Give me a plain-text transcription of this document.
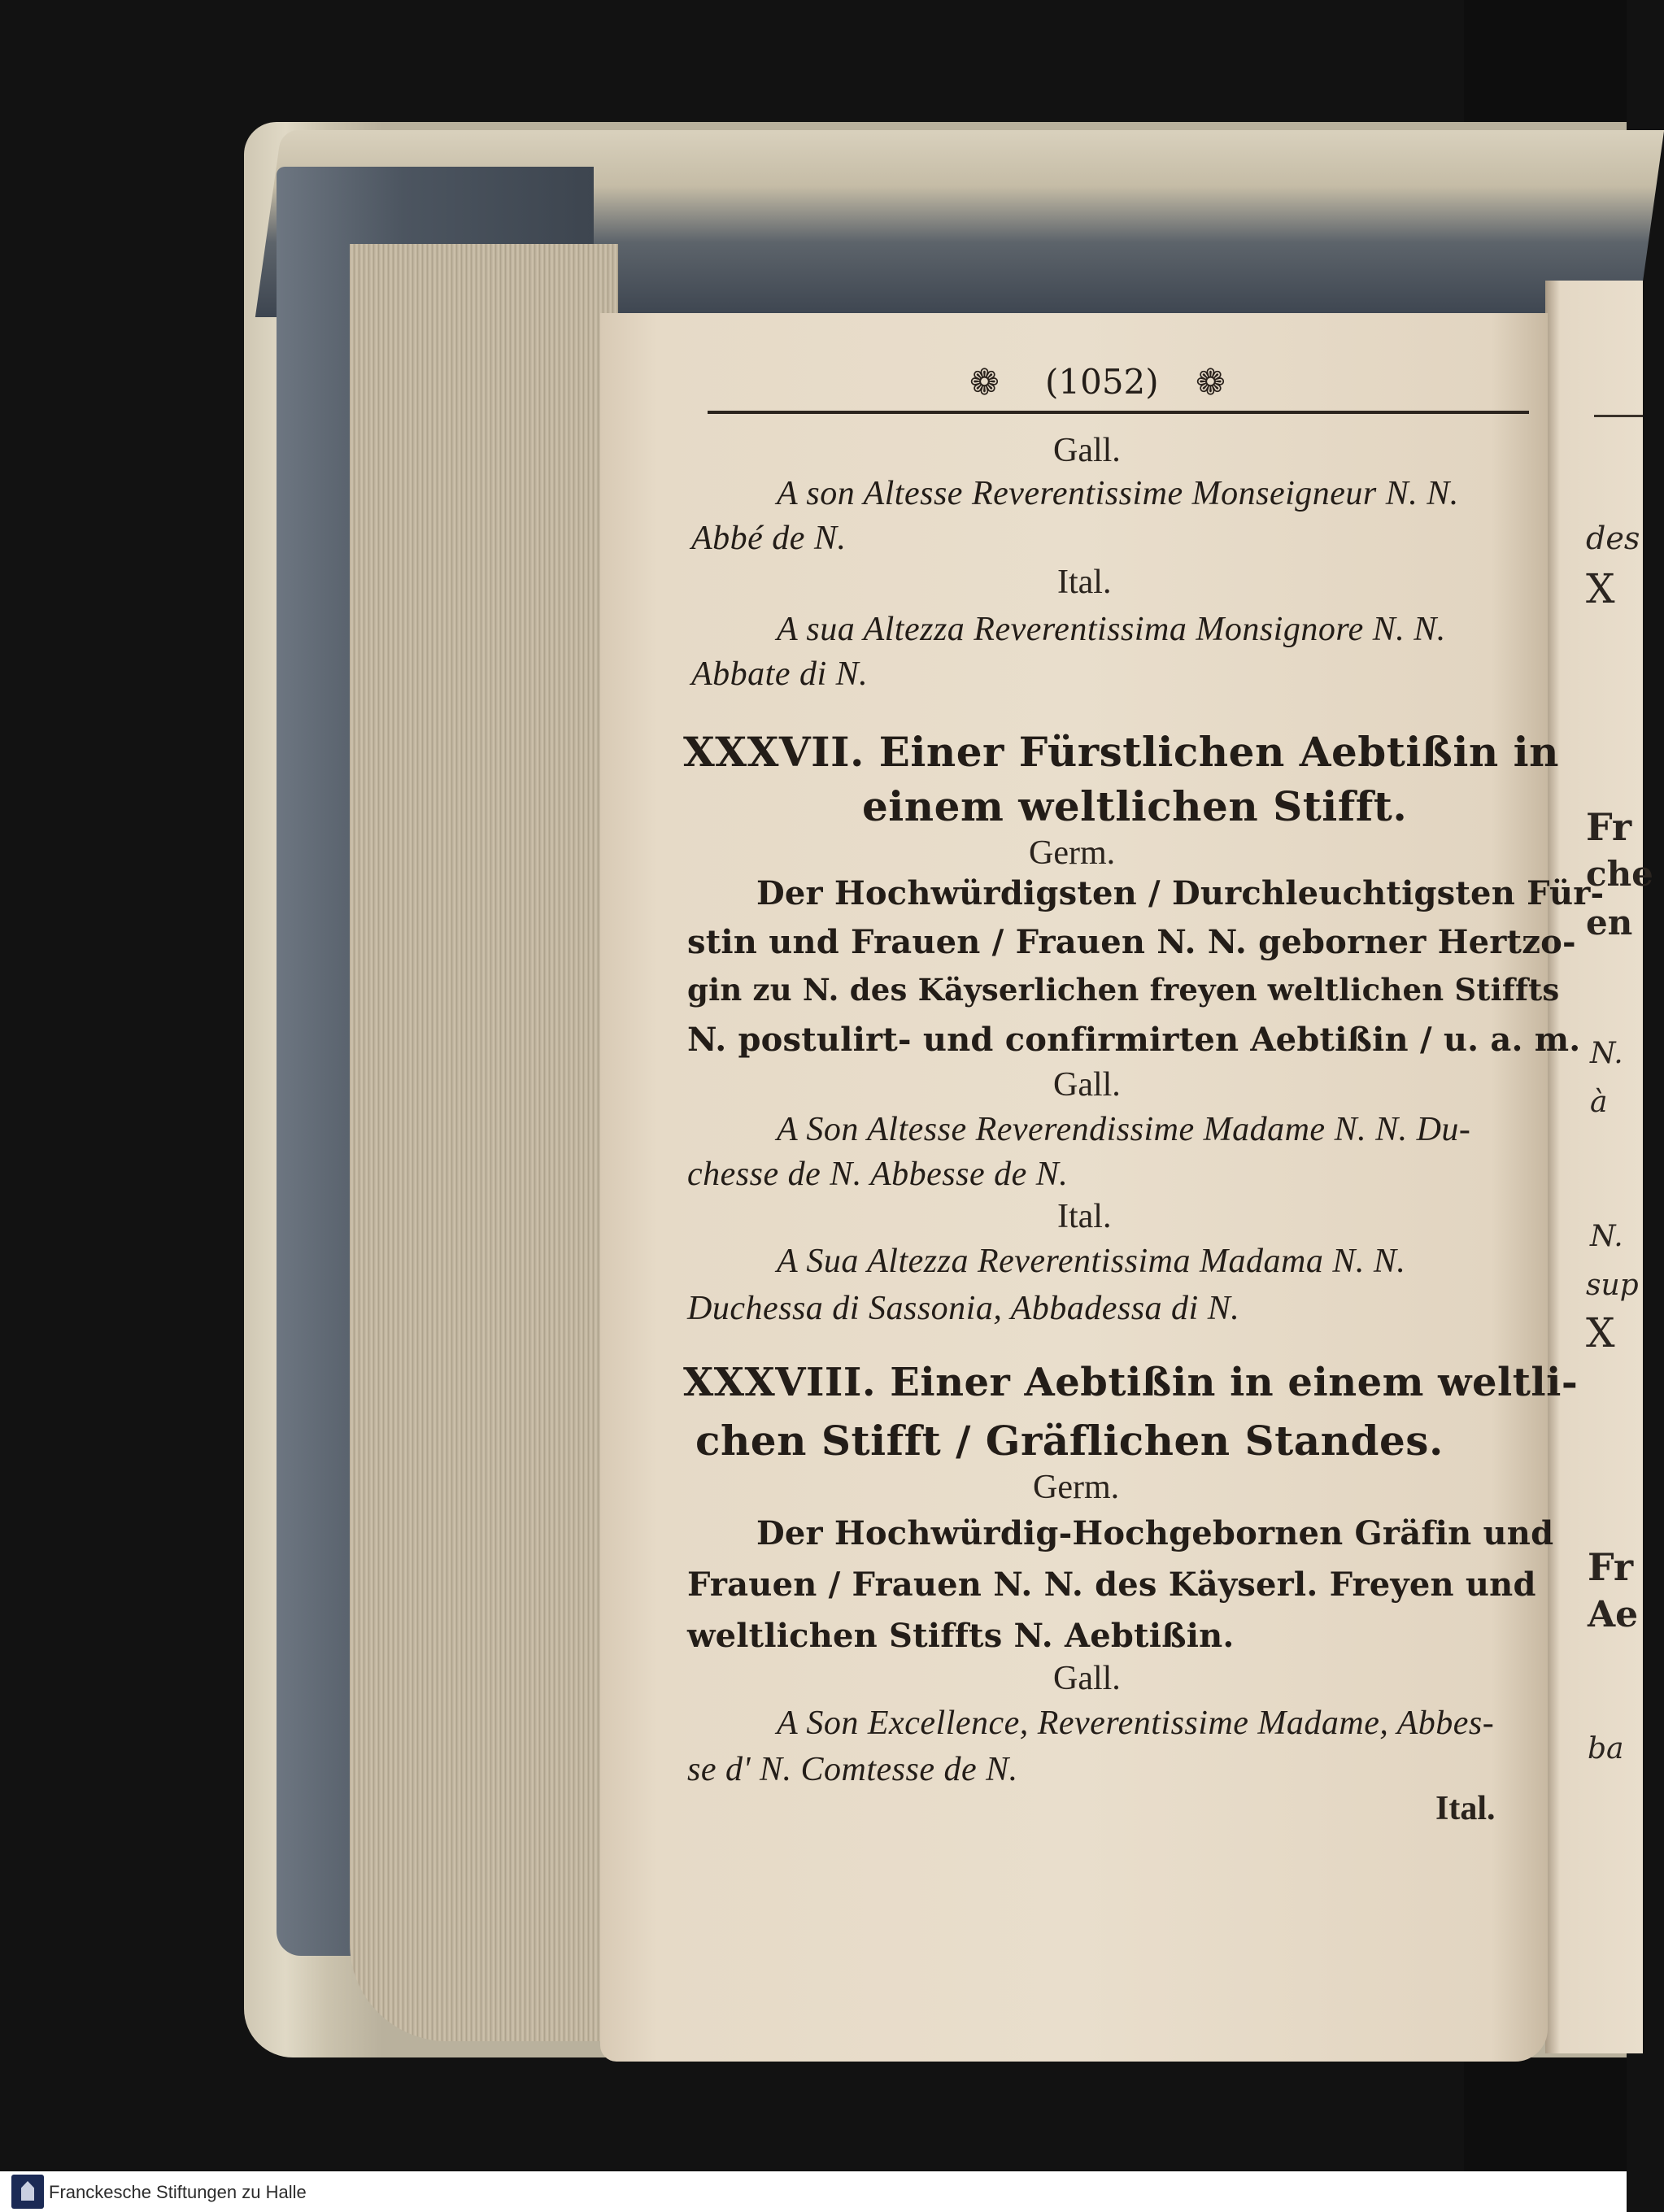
des
X
Fr
che
en
N.
à
N.
sup
X
Fr
Ae
ba
❁ (1052) ❁
Gall.
A son Altesse Reverentissime Monseigneur N. N.
Abbé de N.
Ital.
A sua Altezza Reverentissima Monsignore N. N.
Abbate di N.
XXXVII. Einer Fürstlichen Aebtißin in
einem weltlichen Stifft.
Germ.
Der Hochwürdigsten / Durchleuchtigsten Für-
stin und Frauen / Frauen N. N. geborner Hertzo-
gin zu N. des Käyserlichen freyen weltlichen Stiffts
N. postulirt- und confirmirten Aebtißin / u. a. m.
Gall.
A Son Altesse Reverendissime Madame N. N. Du-
chesse de N. Abbesse de N.
Ital.
A Sua Altezza Reverentissima Madama N. N.
Duchessa di Sassonia, Abbadessa di N.
XXXVIII. Einer Aebtißin in einem weltli-
chen Stifft / Gräflichen Standes.
Germ.
Der Hochwürdig-Hochgebornen Gräfin und
Frauen / Frauen N. N. des Käyserl. Freyen und
weltlichen Stiffts N. Aebtißin.
Gall.
A Son Excellence, Reverentissime Madame, Abbes-
se d' N. Comtesse de N.
Ital.
Franckesche Stiftungen zu Halle
